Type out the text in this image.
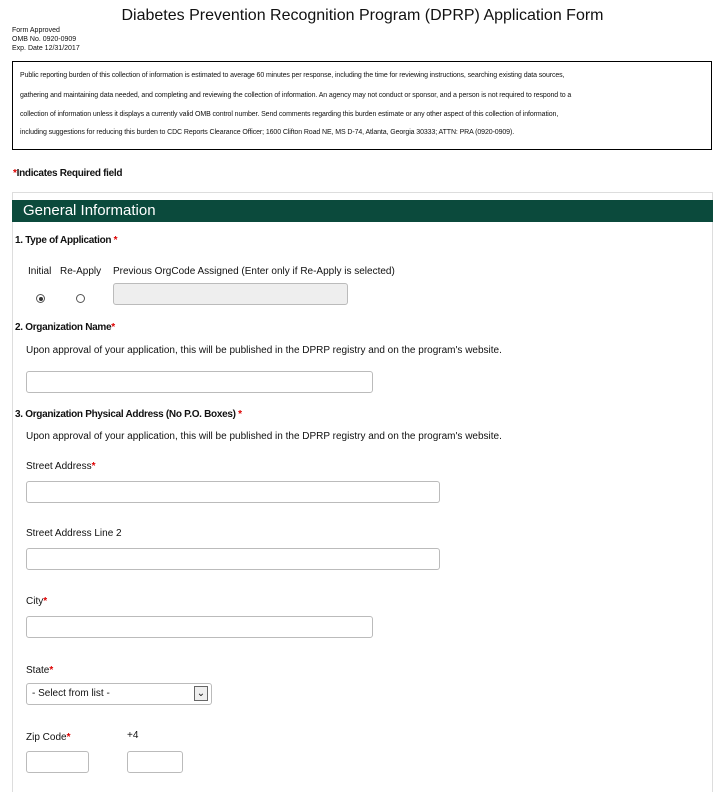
Diabetes Prevention Recognition Program (DPRP) Application Form
Form Approved
OMB No. 0920-0909
Exp. Date 12/31/2017
Public reporting burden of this collection of information is estimated to average 60 minutes per response, including the time for reviewing instructions, searching existing data sources,
gathering and maintaining data needed, and completing and reviewing the collection of information. An agency may not conduct or sponsor, and a person is not required to respond to a
collection of information unless it displays a currently valid OMB control number. Send comments regarding this burden estimate or any other aspect of this collection of information,
including suggestions for reducing this burden to CDC Reports Clearance Officer; 1600 Clifton Road NE, MS D-74, Atlanta, Georgia 30333; ATTN: PRA (0920-0909).
*Indicates Required field
General Information
1. Type of Application *
Initial Re-Apply Previous OrgCode Assigned (Enter only if Re-Apply is selected)
2. Organization Name*
Upon approval of your application, this will be published in the DPRP registry and on the program's website.
3. Organization Physical Address (No P.O. Boxes) *
Upon approval of your application, this will be published in the DPRP registry and on the program's website.
Street Address*
Street Address Line 2
City*
State*
- Select from list -	⌄
Zip Code*	+4
